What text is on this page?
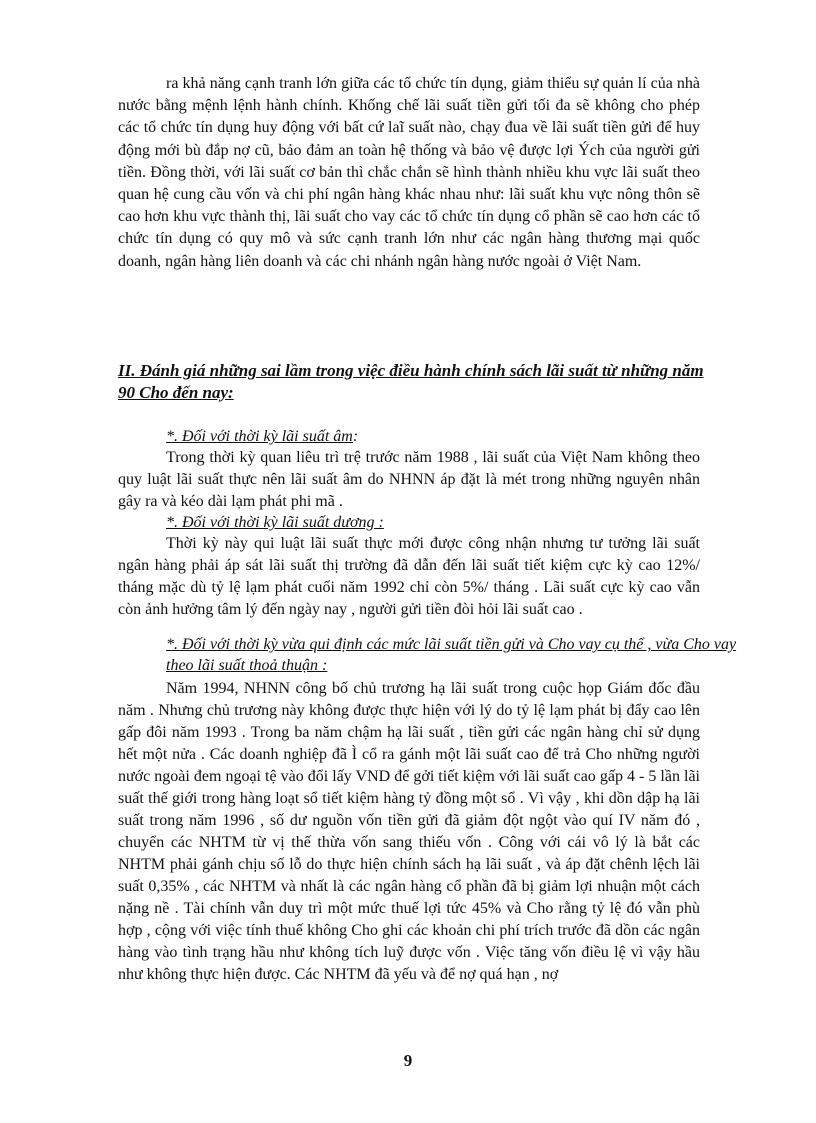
ra khả năng cạnh tranh lớn giữa các tổ chức tín dụng, giảm thiểu sự quản lí của nhà nước bằng mệnh lệnh hành chính. Khống chế lãi suất tiền gửi tối đa sẽ không cho phép các tổ chức tín dụng huy động với bất cứ laĩ suất nào, chạy đua về lãi suất tiền gửi để huy động mới bù đắp nợ cũ, bảo đảm an toàn hệ thống và bảo vệ được lợi Ých của người gửi tiền. Đồng thời, với lãi suất cơ bản thì chắc chắn sẽ hình thành nhiều khu vực lãi suất theo quan hệ cung cầu vốn và chi phí ngân hàng khác nhau như: lãi suất khu vực nông thôn sẽ cao hơn khu vực thành thị, lãi suất cho vay các tổ chức tín dụng cổ phần sẽ cao hơn các tổ chức tín dụng có quy mô và sức cạnh tranh lớn như các ngân hàng thương mại quốc doanh, ngân hàng liên doanh và các chi nhánh ngân hàng nước ngoài ở Việt Nam.

II. Đánh giá những sai lầm trong việc điều hành chính sách lãi suất từ những năm 90 Cho đến nay:

*. Đối với thời kỳ lãi suất âm:

Trong thời kỳ quan liêu trì trệ trước năm 1988 , lãi suất của Việt Nam không theo quy luật lãi suất thực nên lãi suất âm do NHNN áp đặt là mét trong những nguyên nhân gây ra và kéo dài lạm phát phi mã .

*. Đối với thời kỳ lãi suất dương :

Thời kỳ này qui luật lãi suất thực mới được công nhận nhưng tư tưởng lãi suất ngân hàng phải áp sát lãi suất thị trường đã dẫn đến lãi suất tiết kiệm cực kỳ cao 12%/ tháng mặc dù tỷ lệ lạm phát cuối năm 1992 chỉ còn 5%/ tháng . Lãi suất cực kỳ cao vẫn còn ảnh hưởng tâm lý đến ngày nay , người gửi tiền đòi hỏi lãi suất cao .

*. Đối với thời kỳ vừa qui định các mức lãi suất tiền gửi và Cho vay cụ thể , vừa Cho vay theo lãi suất thoả thuận :

Năm 1994, NHNN công bố chủ trương hạ lãi suất trong cuộc họp Giám đốc đầu năm . Nhưng chủ trương này không được thực hiện với lý do tỷ lệ lạm phát bị đẩy cao lên gấp đôi năm 1993 . Trong ba năm chậm hạ lãi suất , tiền gửi các ngân hàng chỉ sử dụng hết một nửa . Các doanh nghiệp đã Ì cổ ra gánh một lãi suất cao để trả Cho những người nước ngoài đem ngoại tệ vào đổi lấy VND để gởi tiết kiệm với lãi suất cao gấp 4 - 5 lần lãi suất thế giới trong hàng loạt sổ tiết kiệm hàng tỷ đồng một sổ . Vì vậy , khi dồn dập hạ lãi suất trong năm 1996 , số dư nguồn vốn tiền gửi đã giảm đột ngột vào quí IV năm đó , chuyển các NHTM từ vị thế thừa vốn sang thiếu vốn . Công với cái vô lý là bắt các NHTM phải gánh chịu số lỗ do thực hiện chính sách hạ lãi suất , và áp đặt chênh lệch lãi suất 0,35% , các NHTM và nhất là các ngân hàng cổ phần đã bị giảm lợi nhuận một cách nặng nề . Tài chính vẫn duy trì một mức thuế lợi tức 45% và Cho rằng tỷ lệ đó vẫn phù hợp , cộng với việc tính thuế không Cho ghi các khoản chi phí trích trước đã dồn các ngân hàng vào tình trạng hầu như không tích luỹ được vốn . Việc tăng vốn điều lệ vì vậy hầu như không thực hiện được. Các NHTM đã yếu và để nợ quá hạn , nợ

9
